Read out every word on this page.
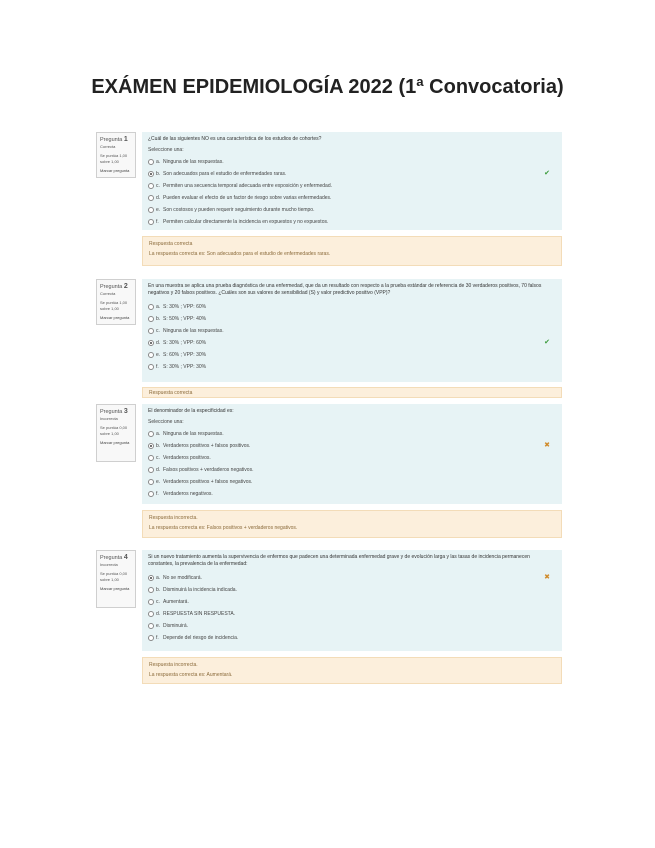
EXÁMEN EPIDEMIOLOGÍA 2022 (1ª Convocatoria)
Pregunta 1
Correcta
Se puntúa 1,00 sobre 1,00
Marcar pregunta

¿Cuál de las siguientes NO es una característica de los estudios de cohortes?

Seleccione una:

a. Ninguna de las respuestas.
b. Son adecuados para el estudio de enfermedades raras.	✔
c. Permiten una secuencia temporal adecuada entre exposición y enfermedad.
d. Pueden evaluar el efecto de un factor de riesgo sobre varias enfermedades.
e. Son costosos y pueden requerir seguimiento durante mucho tiempo.
f. Permiten calcular directamente la incidencia en expuestos y no expuestos.
Respuesta correcta
La respuesta correcta es: Son adecuados para el estudio de enfermedades raras.
Pregunta 2
Correcta
Se puntúa 1,00 sobre 1,00
Marcar pregunta

En una muestra se aplica una prueba diagnóstica de una enfermedad, que da un resultado con respecto a la prueba estándar de referencia de 30 verdaderos positivos, 70 falsos negativos y 20 falsos positivos. ¿Cuáles son sus valores de sensibilidad (S) y valor predictivo positivo (VPP)?

a. S: 30% ; VPP: 60%
b. S: 50% ; VPP: 40%
c. Ninguna de las respuestas.
d. S: 30% ; VPP: 60%	✔
e. S: 60% ; VPP: 30%
f. S: 30% ; VPP: 30%
Respuesta correcta
Pregunta 3
Incorrecta
Se puntúa 0,00 sobre 1,00
Marcar pregunta

El denominador de la especificidad es:

Seleccione una:

a. Ninguna de las respuestas.
b. Verdaderos positivos + falsos positivos.	✖
c. Verdaderos positivos.
d. Falsos positivos + verdaderos negativos.
e. Verdaderos positivos + falsos negativos.
f. Verdaderos negativos.
Respuesta incorrecta.
La respuesta correcta es: Falsos positivos + verdaderos negativos.
Pregunta 4
Incorrecta
Se puntúa 0,00 sobre 1,00
Marcar pregunta

Si un nuevo tratamiento aumenta la supervivencia de enfermos que padecen una determinada enfermedad grave y de evolución larga y las tasas de incidencia permanecen constantes, la prevalencia de la enfermedad:

a. No se modificará.	✖
b. Disminuirá la incidencia indicada.
c. Aumentará.
d. RESPUESTA SIN RESPUESTA.
e. Disminuirá.
f. Depende del riesgo de incidencia.
Respuesta incorrecta.
La respuesta correcta es: Aumentará.
